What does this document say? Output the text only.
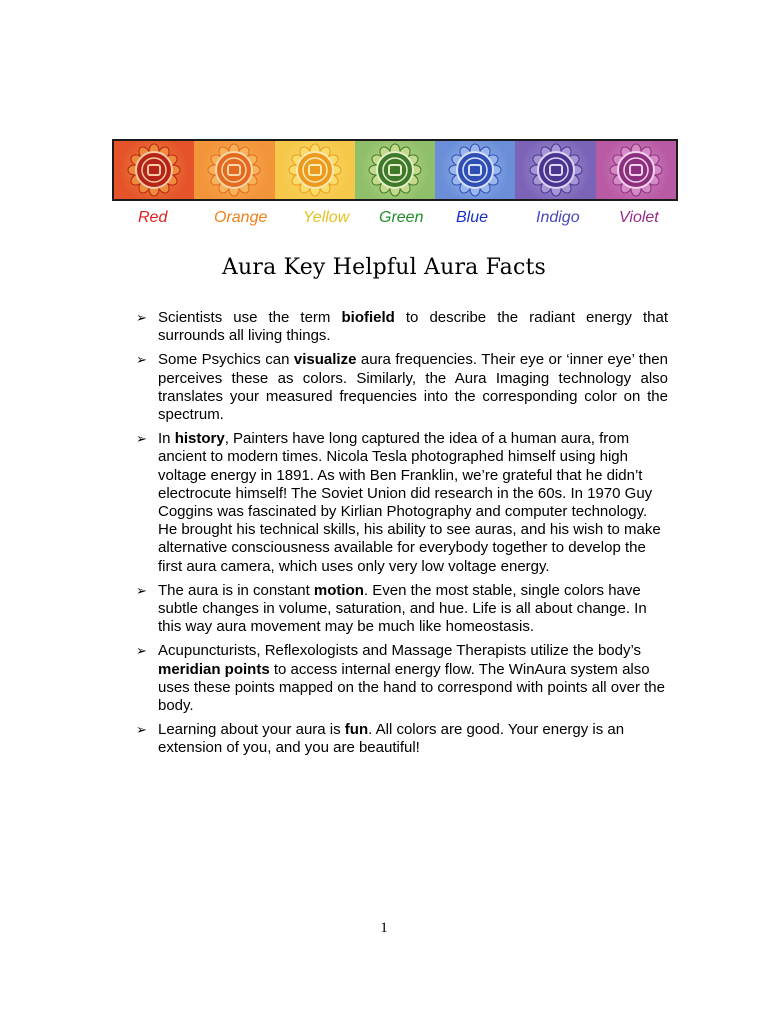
Red	Orange Yellow Green Blue	Indigo Violet
Aura Key Helpful Aura Facts
➢ Scientists use the term biofield to describe the radiant energy that surrounds all living things.
➢ Some Psychics can visualize aura frequencies. Their eye or ‘inner eye’ then perceives these as colors. Similarly, the Aura Imaging technology also translates your measured frequencies into the corresponding color on the spectrum.
➢ In history, Painters have long captured the idea of a human aura, from ancient to modern times. Nicola Tesla photographed himself using high voltage energy in 1891. As with Ben Franklin, we’re grateful that he didn’t electrocute himself! The Soviet Union did research in the 60s. In 1970 Guy Coggins was fascinated by Kirlian Photography and computer technology. He brought his technical skills, his ability to see auras, and his wish to make alternative consciousness available for everybody together to develop the first aura camera, which uses only very low voltage energy.
➢ The aura is in constant motion. Even the most stable, single colors have subtle changes in volume, saturation, and hue. Life is all about change. In this way aura movement may be much like homeostasis.
➢ Acupuncturists, Reflexologists and Massage Therapists utilize the body’s meridian points to access internal energy flow. The WinAura system also uses these points mapped on the hand to correspond with points all over the body.
➢ Learning about your aura is fun. All colors are good. Your energy is an extension of you, and you are beautiful!
1
